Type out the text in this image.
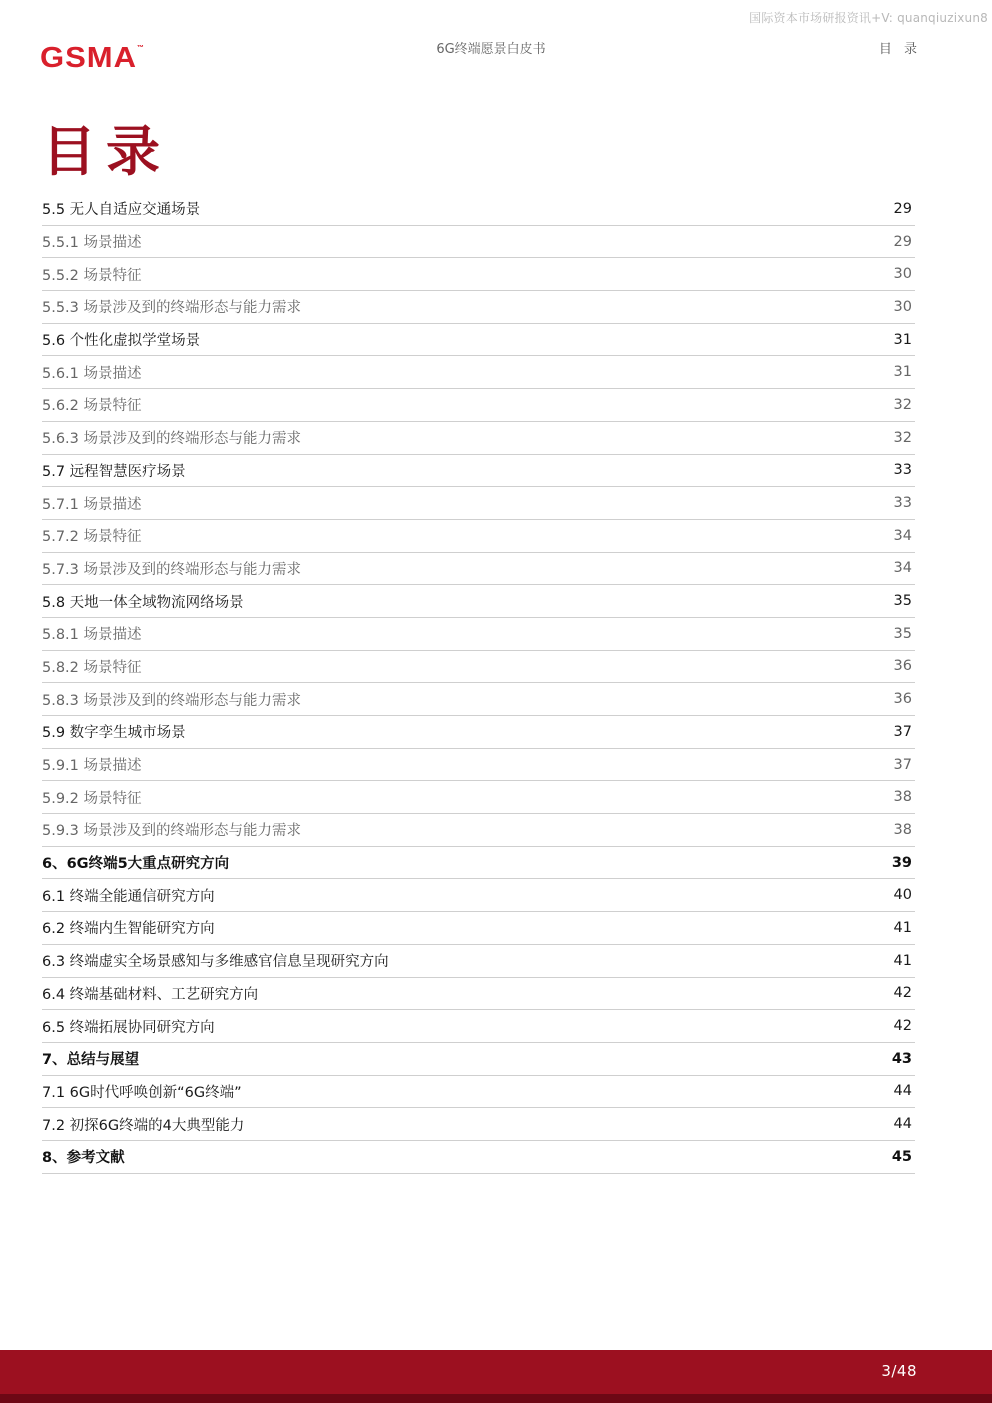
国际资本市场研报资讯+V: quanqiuzixun8
GSMA™	6G终端愿景白皮书	目 录
目录
5.5 无人自适应交通场景	29
5.5.1 场景描述	29
5.5.2 场景特征	30
5.5.3 场景涉及到的终端形态与能力需求	30
5.6 个性化虚拟学堂场景	31
5.6.1 场景描述	31
5.6.2 场景特征	32
5.6.3 场景涉及到的终端形态与能力需求	32
5.7 远程智慧医疗场景	33
5.7.1 场景描述	33
5.7.2 场景特征	34
5.7.3 场景涉及到的终端形态与能力需求	34
5.8 天地一体全域物流网络场景	35
5.8.1 场景描述	35
5.8.2 场景特征	36
5.8.3 场景涉及到的终端形态与能力需求	36
5.9 数字孪生城市场景	37
5.9.1 场景描述	37
5.9.2 场景特征	38
5.9.3 场景涉及到的终端形态与能力需求	38
6、6G终端5大重点研究方向	39
6.1 终端全能通信研究方向	40
6.2 终端内生智能研究方向	41
6.3 终端虚实全场景感知与多维感官信息呈现研究方向	41
6.4 终端基础材料、工艺研究方向	42
6.5 终端拓展协同研究方向	42
7、总结与展望	43
7.1 6G时代呼唤创新“6G终端”	44
7.2 初探6G终端的4大典型能力	44
8、参考文献	45
3/48
